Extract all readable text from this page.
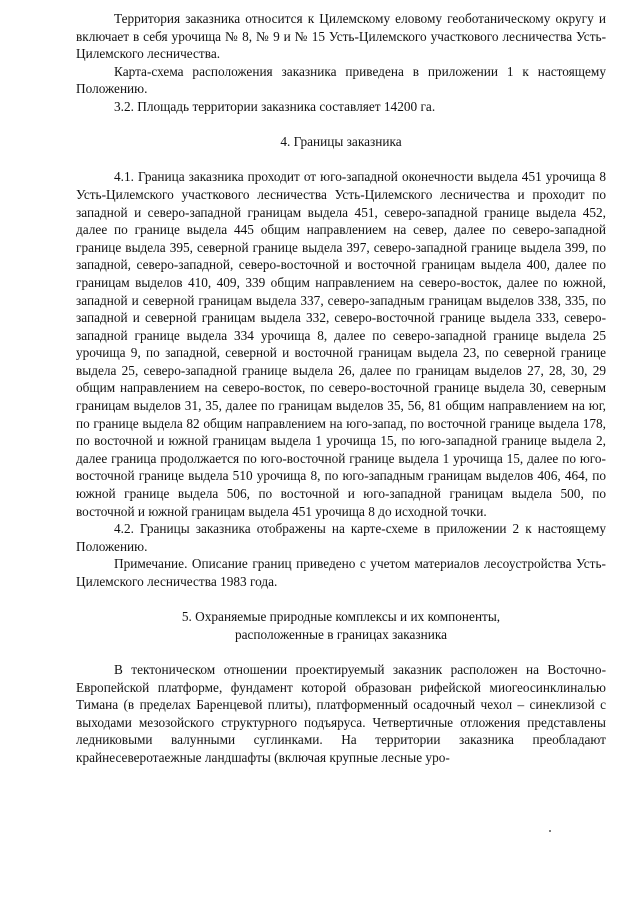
Территория заказника относится к Цилемскому еловому геоботаническому округу и включает в себя урочища № 8, № 9 и № 15 Усть-Цилемского участкового лесничества Усть-Цилемского лесничества.

Карта-схема расположения заказника приведена в приложении 1 к настоящему Положению.

3.2. Площадь территории заказника составляет 14200 га.

4. Границы заказника

4.1. Граница заказника проходит от юго-западной оконечности выдела 451 урочища 8 Усть-Цилемского участкового лесничества Усть-Цилемского лесничества и проходит по западной и северо-западной границам выдела 451, северо-западной границе выдела 452, далее по границе выдела 445 общим направлением на север, далее по северо-западной границе выдела 395, северной границе выдела 397, северо-западной границе выдела 399, по западной, северо-западной, северо-восточной и восточной границам выдела 400, далее по границам выделов 410, 409, 339 общим направлением на северо-восток, далее по южной, западной и северной границам выдела 337, северо-западным границам выделов 338, 335, по западной и северной границам выдела 332, северо-восточной границе выдела 333, северо-западной границе выдела 334 урочища 8, далее по северо-западной границе выдела 25 урочища 9, по западной, северной и восточной границам выдела 23, по северной границе выдела 25, северо-западной границе выдела 26, далее по границам выделов 27, 28, 30, 29 общим направлением на северо-восток, по северо-восточной границе выдела 30, северным границам выделов 31, 35, далее по границам выделов 35, 56, 81 общим направлением на юг, по границе выдела 82 общим направлением на юго-запад, по восточной границе выдела 178, по восточной и южной границам выдела 1 урочища 15, по юго-западной границе выдела 2, далее граница продолжается по юго-восточной границе выдела 1 урочища 15, далее по юго-восточной границе выдела 510 урочища 8, по юго-западным границам выделов 406, 464, по южной границе выдела 506, по восточной и юго-западной границам выдела 500, по восточной и южной границам выдела 451 урочища 8 до исходной точки.

4.2. Границы заказника отображены на карте-схеме в приложении 2 к настоящему Положению.

Примечание. Описание границ приведено с учетом материалов лесоустройства Усть-Цилемского лесничества 1983 года.

5. Охраняемые природные комплексы и их компоненты,

расположенные в границах заказника

В тектоническом отношении проектируемый заказник расположен на Восточно-Европейской платформе, фундамент которой образован рифейской миогеосинклиналью Тимана (в пределах Баренцевой плиты), платформенный осадочный чехол – синеклизой с выходами мезозойского структурного подъяруса. Четвертичные отложения представлены ледниковыми валунными суглинками. На территории заказника преобладают крайнесеверотаежные ландшафты (включая крупные лесные уро-
